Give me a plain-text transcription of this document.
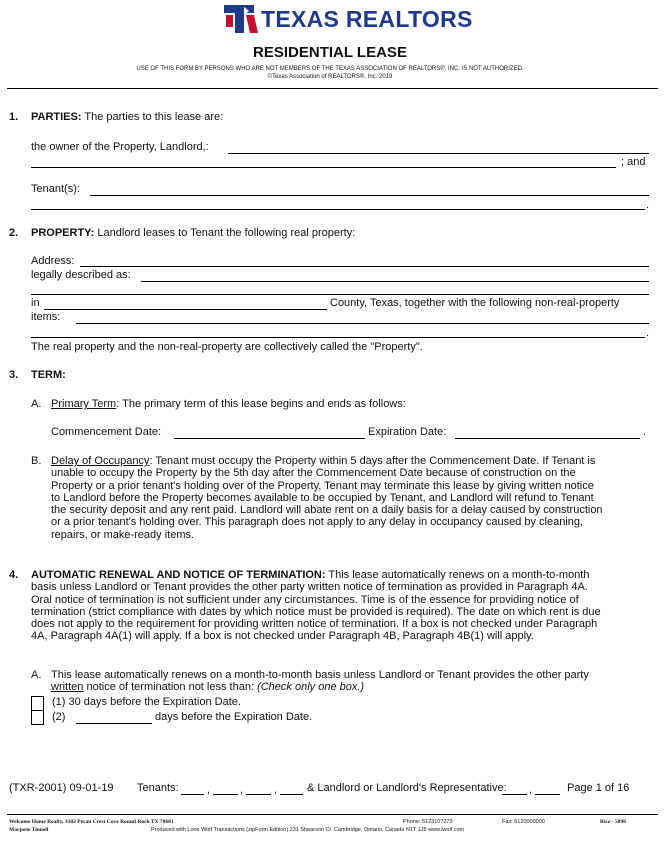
TEXAS REALTORS
RESIDENTIAL LEASE
USE OF THIS FORM BY PERSONS WHO ARE NOT MEMBERS OF THE TEXAS ASSOCIATION OF REALTORS®, INC. IS NOT AUTHORIZED.
©Texas Association of REALTORS®, Inc. 2019
1. PARTIES: The parties to this lease are:
the owner of the Property, Landlord,:
; and
Tenant(s):
.
2. PROPERTY: Landlord leases to Tenant the following real property:
Address:
legally described as:
in	County, Texas, together with the following non-real-property
items:
.
The real property and the non-real-property are collectively called the "Property".
3. TERM:
A. Primary Term: The primary term of this lease begins and ends as follows:
Commencement Date:	Expiration Date:	.
B. Delay of Occupancy: Tenant must occupy the Property within 5 days after the Commencement Date. If Tenant is
unable to occupy the Property by the 5th day after the Commencement Date because of construction on the
Property or a prior tenant's holding over of the Property, Tenant may terminate this lease by giving written notice
to Landlord before the Property becomes available to be occupied by Tenant, and Landlord will refund to Tenant
the security deposit and any rent paid. Landlord will abate rent on a daily basis for a delay caused by construction
or a prior tenant's holding over. This paragraph does not apply to any delay in occupancy caused by cleaning,
repairs, or make-ready items.
4. AUTOMATIC RENEWAL AND NOTICE OF TERMINATION: This lease automatically renews on a month-to-month
basis unless Landlord or Tenant provides the other party written notice of termination as provided in Paragraph 4A.
Oral notice of termination is not sufficient under any circumstances. Time is of the essence for providing notice of
termination (strict compliance with dates by which notice must be provided is required). The date on which rent is due
does not apply to the requirement for providing written notice of termination. If a box is not checked under Paragraph
4A, Paragraph 4A(1) will apply. If a box is not checked under Paragraph 4B, Paragraph 4B(1) will apply.
A. This lease automatically renews on a month-to-month basis unless Landlord or Tenant provides the other party
written notice of termination not less than: (Check only one box.)
(1) 30 days before the Expiration Date.
(2)	days before the Expiration Date.
(TXR-2001) 09-01-19 Tenants:	,	,	,	& Landlord or Landlord's Representative: ,	Page 1 of 16
Welcome Home Realty, 3102 Pecan Crest Cove Round Rock TX 78681	Phone: 5123107273	Fax: 5120000000	Rice - 5896
Marjorie Tinnell	Produced with Lone Wolf Transactions (zipForm Edition) 231 Shearson Cr. Cambridge, Ontario, Canada N1T 1J5 www.lwolf.com
